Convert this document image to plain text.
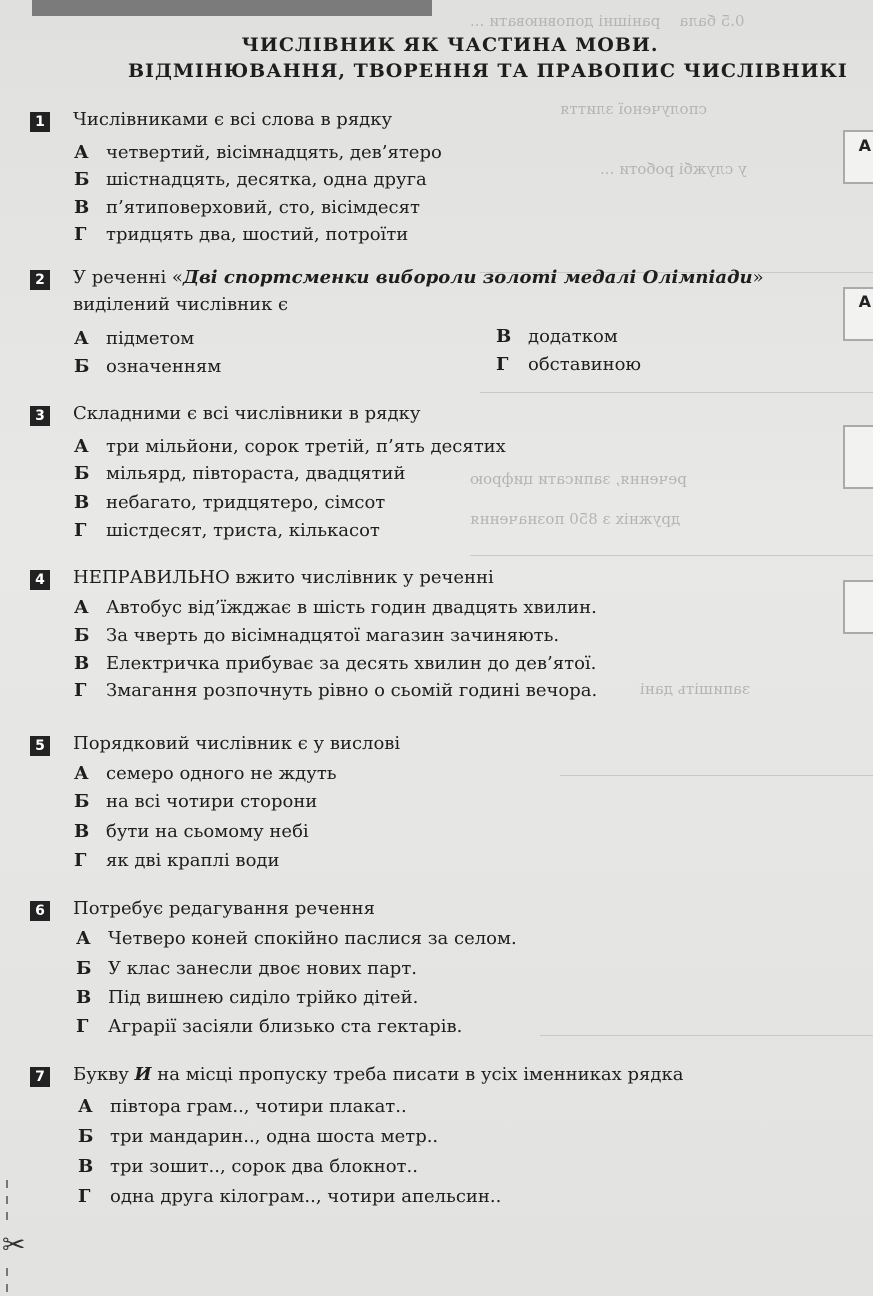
0.5 бала    ранішні доповнювати ...
сполученої злиття
у службі роботи ...
речення, записати цифрою
дружніх з 850 позначення
запишіть дані
А
А
ЧИСЛІВНИК ЯК ЧАСТИНА МОВИ.
ВІДМІНЮВАННЯ, ТВОРЕННЯ ТА ПРАВОПИС ЧИСЛІВНИКІ
1 Числівниками є всі слова в рядку
А четвертий, вісімнадцять, дев’ятеро
Б шістнадцять, десятка, одна друга
В п’ятиповерховий, сто, вісімдесят
Г тридцять два, шостий, потроїти
2 У реченні «Дві спортсменки виборoли золоті медалі Олімпіади»
виділений числівник є
А підметом
Б означенням
В додатком
Г обставиною
3 Складними є всі числівники в рядку
А три мільйони, сорок третій, п’ять десятих
Б мільярд, півтораста, двадцятий
В небагато, тридцятеро, сімсот
Г шістдесят, триста, кількасот
4 НЕПРАВИЛЬНО вжито числівник у реченні
А Автобус від’їжджає в шість годин двадцять хвилин.
Б За чверть до вісімнадцятої магазин зачиняють.
В Електричка прибуває за десять хвилин до дев’ятої.
Г Змагання розпочнуть рівно о сьомій годині вечора.
5 Порядковий числівник є у вислові
А семеро одного не ждуть
Б на всі чотири сторони
В бути на сьомому небі
Г як дві краплі води
6 Потребує редагування речення
А Четверо коней спокійно паслися за селом.
Б У клас занесли двоє нових парт.
В Під вишнею сиділо трійко дітей.
Г Аграрії засіяли близько ста гектарів.
7 Букву И на місці пропуску треба писати в усіх іменниках рядка
А півтора грам.., чотири плакат..
Б три мандарин.., одна шоста метр..
В три зошит.., сорок два блокнот..
Г одна друга кілограм.., чотири апельсин..
✂
